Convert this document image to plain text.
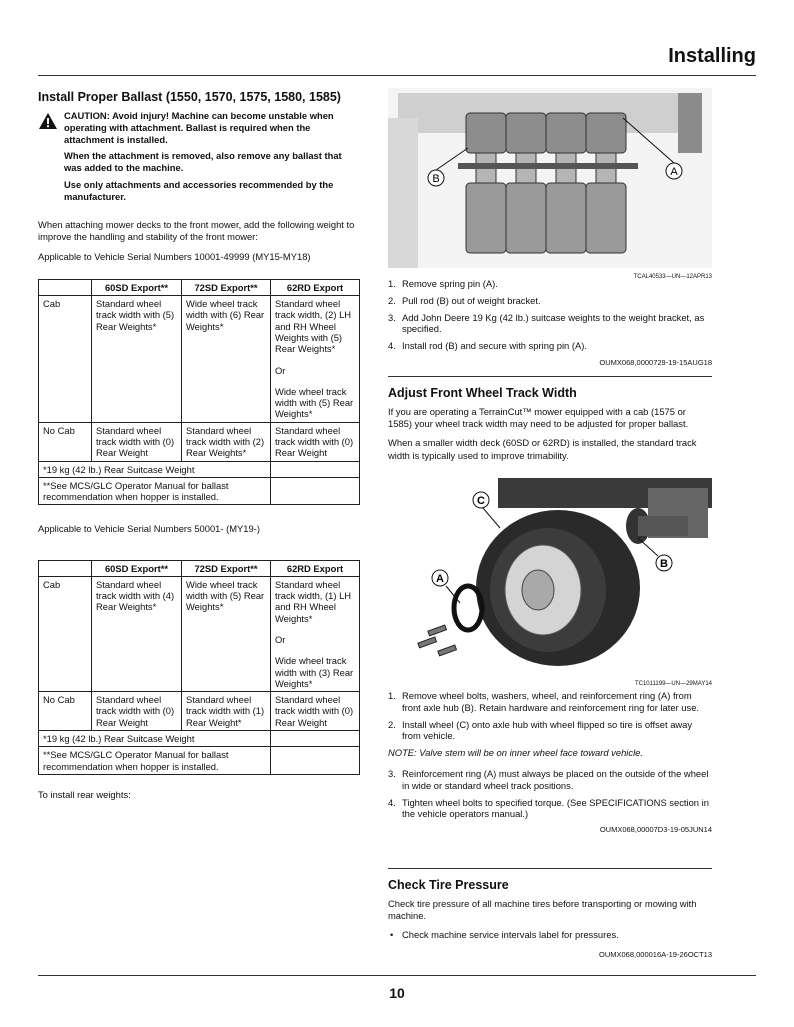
Installing
Install Proper Ballast (1550, 1570, 1575, 1580, 1585)

CAUTION: Avoid injury! Machine can become unstable when operating with attachment. Ballast is required when the attachment is installed.

When the attachment is removed, also remove any ballast that was added to the machine.

Use only attachments and accessories recommended by the manufacturer.

When attaching mower decks to the front mower, add the following weight to improve the handling and stability of the front mower:

Applicable to Vehicle Serial Numbers 10001-49999 (MY15-MY18)

	60SD Export**	72SD Export**	62RD Export
Cab	Standard wheel track width with (5) Rear Weights*	Wide wheel track width with (6) Rear Weights*	Standard wheel track width, (2) LH and RH Wheel Weights with (5) Rear Weights*
Or
Wide wheel track width with (5) Rear Weights*

No Cab	Standard wheel track width with (0) Rear Weight	Standard wheel track width with (2) Rear Weights*	Standard wheel track width with (0) Rear Weight
*19 kg (42 lb.) Rear Suitcase Weight			
**See MCS/GLC Operator Manual for ballast recommendation when hopper is installed.			

Applicable to Vehicle Serial Numbers 50001- (MY19-)

	60SD Export**	72SD Export**	62RD Export
Cab	Standard wheel track width with (4) Rear Weights*	Wide wheel track width with (5) Rear Weights*	Standard wheel track width, (1) LH and RH Wheel Weights*
Or
Wide wheel track width with (3) Rear Weights*

No Cab	Standard wheel track width with (0) Rear Weight	Standard wheel track width with (1) Rear Weight*	Standard wheel track width with (0) Rear Weight
*19 kg (42 lb.) Rear Suitcase Weight			
**See MCS/GLC Operator Manual for ballast recommendation when hopper is installed.			

To install rear weights:

B
A
TCAL40533—UN—12APR13
1. Remove spring pin (A).
2. Pull rod (B) out of weight bracket.
3. Add John Deere 19 Kg (42 lb.) suitcase weights to the weight bracket, as specified.
4. Install rod (B) and secure with spring pin (A).
OUMX068,0000729-19-15AUG18
Adjust Front Wheel Track Width

If you are operating a TerrainCut™ mower equipped with a cab (1575 or 1585) your wheel track width may need to be adjusted for proper ballast.

When a smaller width deck (60SD or 62RD) is installed, the standard track width is typically used to improve trimability.

C
B
A
TC1011199—UN—29MAY14
1. Remove wheel bolts, washers, wheel, and reinforcement ring (A) from front axle hub (B). Retain hardware and reinforcement ring for later use.
2. Install wheel (C) onto axle hub with wheel flipped so tire is offset away from vehicle.

NOTE: Valve stem will be on inner wheel face toward vehicle.

3. Reinforcement ring (A) must always be placed on the outside of the wheel in wide or standard wheel track positions.
4. Tighten wheel bolts to specified torque. (See SPECIFICATIONS section in the vehicle operators manual.)
OUMX068,00007D3-19-05JUN14
Check Tire Pressure

Check tire pressure of all machine tires before transporting or mowing with machine.

• Check machine service intervals label for pressures.
OUMX068,000016A-19-26OCT13
10
